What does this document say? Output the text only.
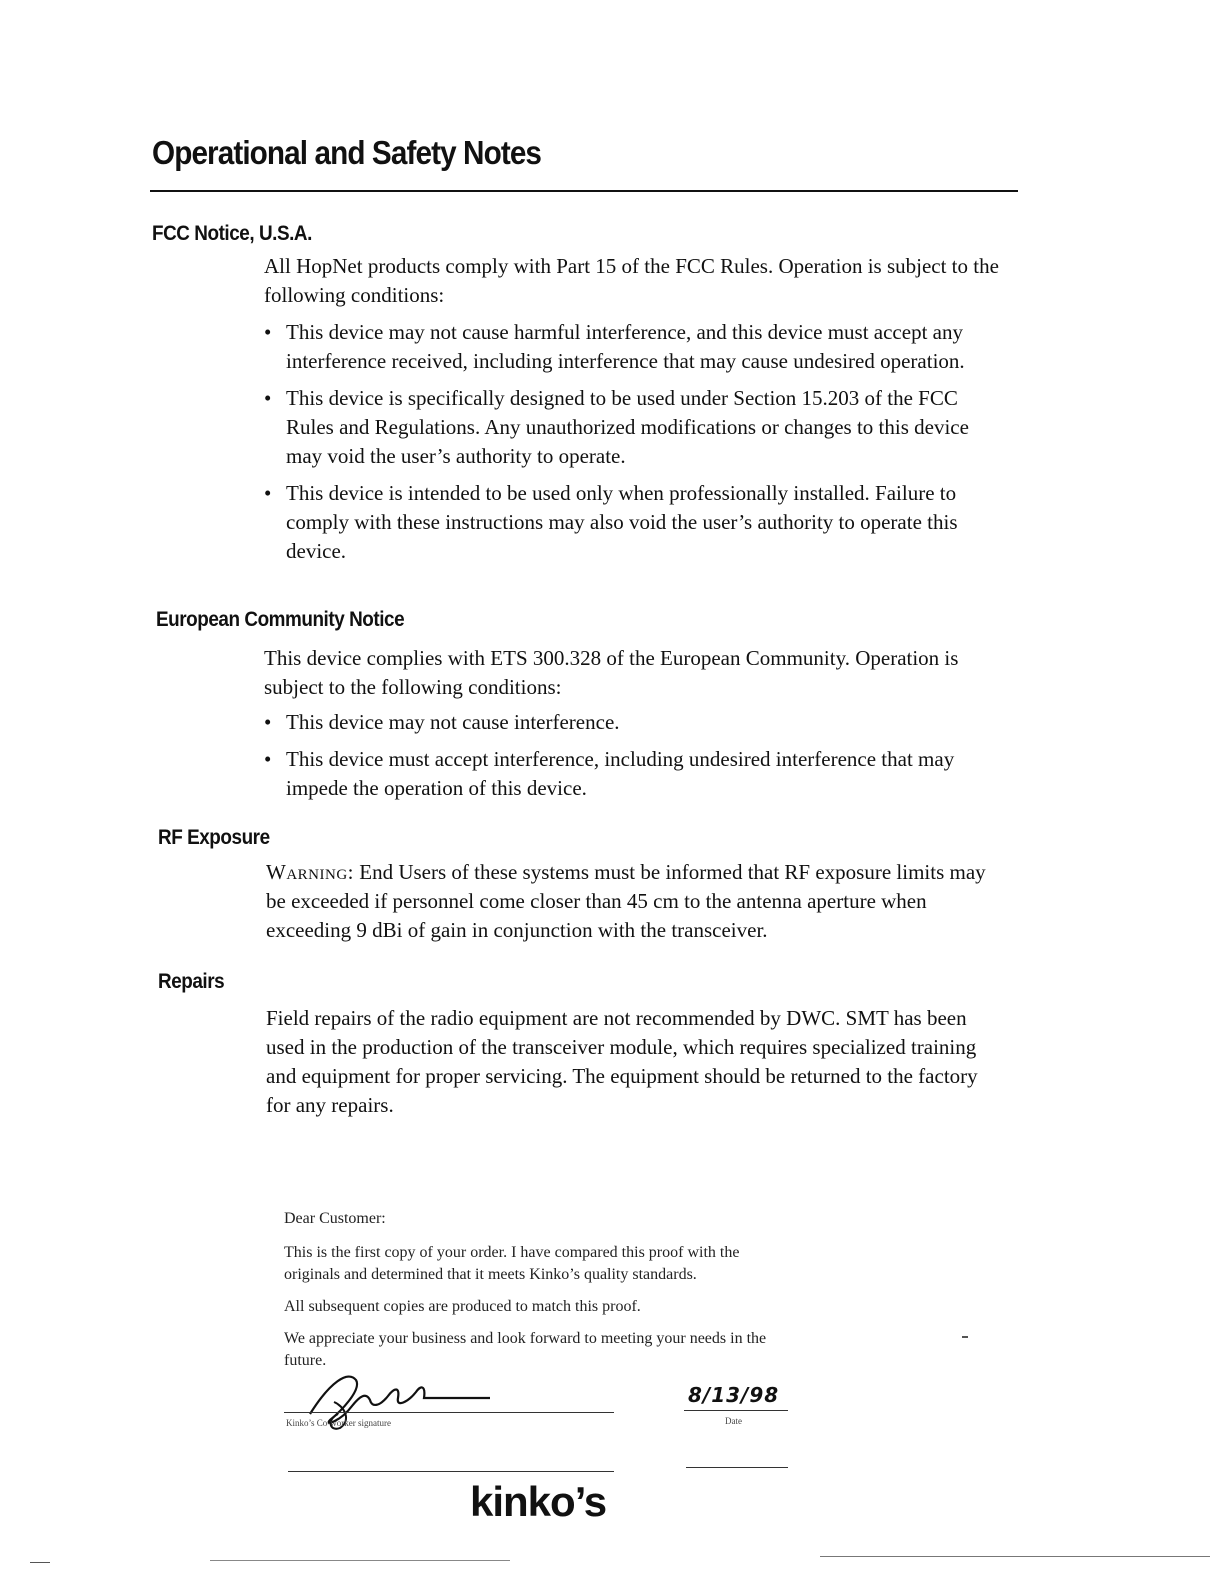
Operational and Safety Notes
FCC Notice, U.S.A.
All HopNet products comply with Part 15 of the FCC Rules. Operation is subject to the following conditions:
• This device may not cause harmful interference, and this device must accept any interference received, including interference that may cause undesired operation.
• This device is specifically designed to be used under Section 15.203 of the FCC Rules and Regulations. Any unauthorized modifications or changes to this device may void the user’s authority to operate.
• This device is intended to be used only when professionally installed. Failure to comply with these instructions may also void the user’s authority to operate this device.
European Community Notice
This device complies with ETS 300.328 of the European Community. Operation is subject to the following conditions:
• This device may not cause interference.
• This device must accept interference, including undesired interference that may impede the operation of this device.
RF Exposure
Warning: End Users of these systems must be informed that RF exposure limits may be exceeded if personnel come closer than 45 cm to the antenna aperture when exceeding 9 dBi of gain in conjunction with the transceiver.
Repairs
Field repairs of the radio equipment are not recommended by DWC. SMT has been used in the production of the transceiver module, which requires specialized training and equipment for proper servicing. The equipment should be returned to the factory for any repairs.
Dear Customer:
This is the first copy of your order. I have compared this proof with the originals and determined that it meets Kinko’s quality standards.
All subsequent copies are produced to match this proof.
We appreciate your business and look forward to meeting your needs in the future.
Kinko’s Co-worker signature
8/13/98
Date
kinko’s
